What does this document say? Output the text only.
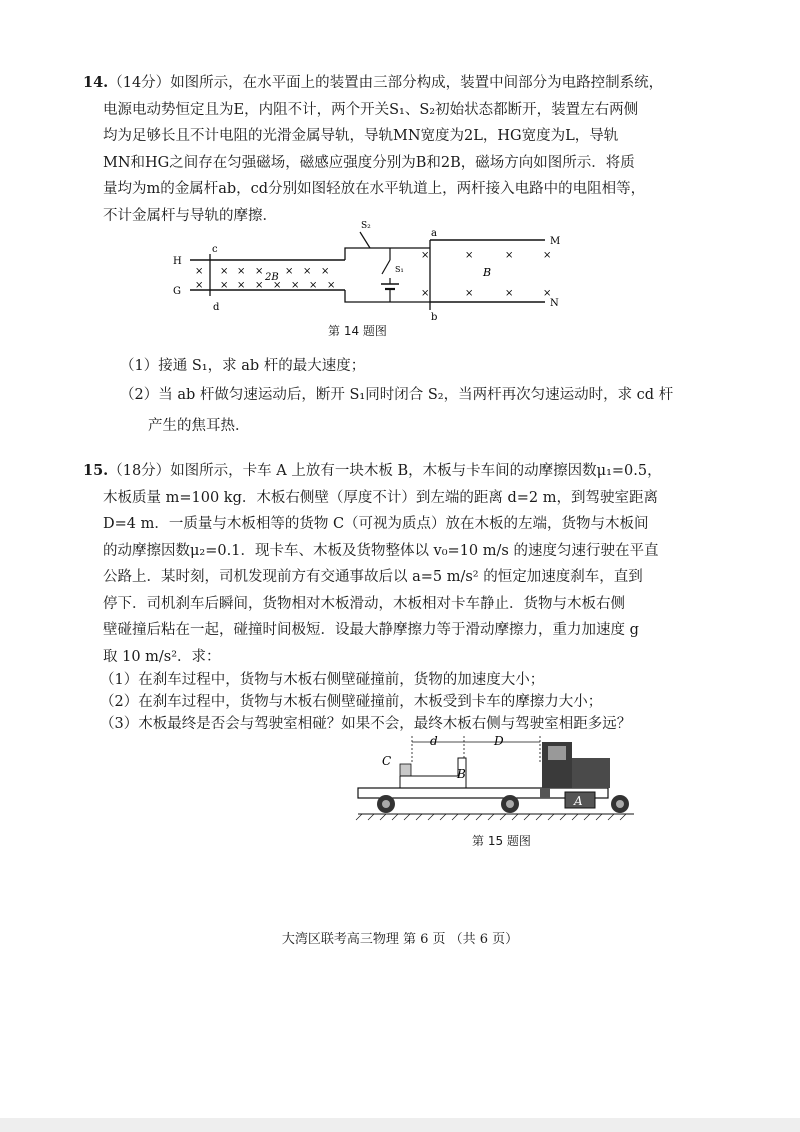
14.（14分）如图所示，在水平面上的装置由三部分构成，装置中间部分为电路控制系统，
电源电动势恒定且为E，内阻不计，两个开关S₁、S₂初始状态都断开，装置左右两侧
均为足够长且不计电阻的光滑金属导轨，导轨MN宽度为2L，HG宽度为L，导轨
MN和HG之间存在匀强磁场，磁感应强度分别为B和2B，磁场方向如图所示．将质
量均为m的金属杆ab，cd分别如图轻放在水平轨道上，两杆接入电路中的电阻相等，
不计金属杆与导轨的摩擦．
S₂
S₁
H
G
c
d
a
b
M
N
2B	B
× × × × × × ×
× × × × × × × ×
×	×	×	×
×	×	×	×
第 14 题图
（1）接通 S₁，求 ab 杆的最大速度；
（2）当 ab 杆做匀速运动后，断开 S₁同时闭合 S₂，当两杆再次匀速运动时，求 cd 杆
产生的焦耳热．
15.（18分）如图所示，卡车 A 上放有一块木板 B，木板与卡车间的动摩擦因数μ₁=0.5，
木板质量 m=100 kg．木板右侧壁（厚度不计）到左端的距离 d=2 m，到驾驶室距离
D=4 m．一质量与木板相等的货物 C（可视为质点）放在木板的左端，货物与木板间
的动摩擦因数μ₂=0.1．现卡车、木板及货物整体以 v₀=10 m/s 的速度匀速行驶在平直
公路上．某时刻，司机发现前方有交通事故后以 a=5 m/s² 的恒定加速度刹车，直到
停下．司机刹车后瞬间，货物相对木板滑动，木板相对卡车静止．货物与木板右侧
壁碰撞后粘在一起，碰撞时间极短．设最大静摩擦力等于滑动摩擦力，重力加速度 g
取 10 m/s²．求：
（1）在刹车过程中，货物与木板右侧壁碰撞前，货物的加速度大小；
（2）在刹车过程中，货物与木板右侧壁碰撞前，木板受到卡车的摩擦力大小；
（3）木板最终是否会与驾驶室相碰？如果不会，最终木板右侧与驾驶室相距多远？
d	D
C
B
A
第 15 题图
大湾区联考高三物理 第 6 页 （共 6 页）
